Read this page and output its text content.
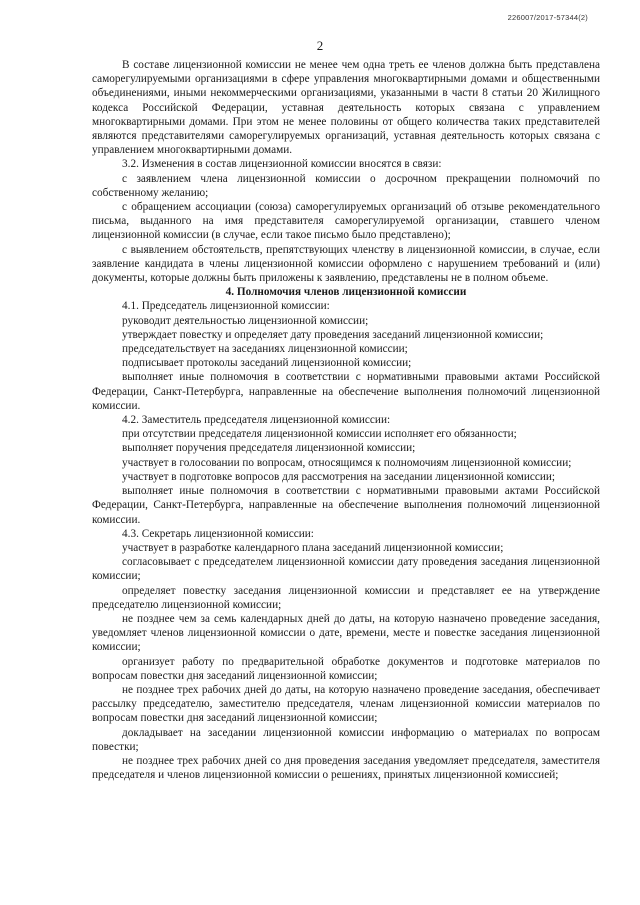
226007/2017-57344(2)
2

В составе лицензионной комиссии не менее чем одна треть ее членов должна быть представлена саморегулируемыми организациями в сфере управления многоквартирными домами и общественными объединениями, иными некоммерческими организациями, указанными в части 8 статьи 20 Жилищного кодекса Российской Федерации, уставная деятельность которых связана с управлением многоквартирными домами. При этом не менее половины от общего количества таких представителей являются представителями саморегулируемых организаций, уставная деятельность которых связана с управлением многоквартирными домами.

3.2. Изменения в состав лицензионной комиссии вносятся в связи:

с заявлением члена лицензионной комиссии о досрочном прекращении полномочий по собственному желанию;

с обращением ассоциации (союза) саморегулируемых организаций об отзыве рекомендательного письма, выданного на имя представителя саморегулируемой организации, ставшего членом лицензионной комиссии (в случае, если такое письмо было представлено);

с выявлением обстоятельств, препятствующих членству в лицензионной комиссии, в случае, если заявление кандидата в члены лицензионной комиссии оформлено с нарушением требований и (или) документы, которые должны быть приложены к заявлению, представлены не в полном объеме.

4. Полномочия членов лицензионной комиссии

4.1. Председатель лицензионной комиссии:

руководит деятельностью лицензионной комиссии;

утверждает повестку и определяет дату проведения заседаний лицензионной комиссии;

председательствует на заседаниях лицензионной комиссии;

подписывает протоколы заседаний лицензионной комиссии;

выполняет иные полномочия в соответствии с нормативными правовыми актами Российской Федерации, Санкт-Петербурга, направленные на обеспечение выполнения полномочий лицензионной комиссии.

4.2. Заместитель председателя лицензионной комиссии:

при отсутствии председателя лицензионной комиссии исполняет его обязанности;

выполняет поручения председателя лицензионной комиссии;

участвует в голосовании по вопросам, относящимся к полномочиям лицензионной комиссии;

участвует в подготовке вопросов для рассмотрения на заседании лицензионной комиссии;

выполняет иные полномочия в соответствии с нормативными правовыми актами Российской Федерации, Санкт-Петербурга, направленные на обеспечение выполнения полномочий лицензионной комиссии.

4.3. Секретарь лицензионной комиссии:

участвует в разработке календарного плана заседаний лицензионной комиссии;

согласовывает с председателем лицензионной комиссии дату проведения заседания лицензионной комиссии;

определяет повестку заседания лицензионной комиссии и представляет ее на утверждение председателю лицензионной комиссии;

не позднее чем за семь календарных дней до даты, на которую назначено проведение заседания, уведомляет членов лицензионной комиссии о дате, времени, месте и повестке заседания лицензионной комиссии;

организует работу по предварительной обработке документов и подготовке материалов по вопросам повестки дня заседаний лицензионной комиссии;

не позднее трех рабочих дней до даты, на которую назначено проведение заседания, обеспечивает рассылку председателю, заместителю председателя, членам лицензионной комиссии материалов по вопросам повестки дня заседаний лицензионной комиссии;

докладывает на заседании лицензионной комиссии информацию о материалах по вопросам повестки;

не позднее трех рабочих дней со дня проведения заседания уведомляет председателя, заместителя председателя и членов лицензионной комиссии о решениях, принятых лицензионной комиссией;
